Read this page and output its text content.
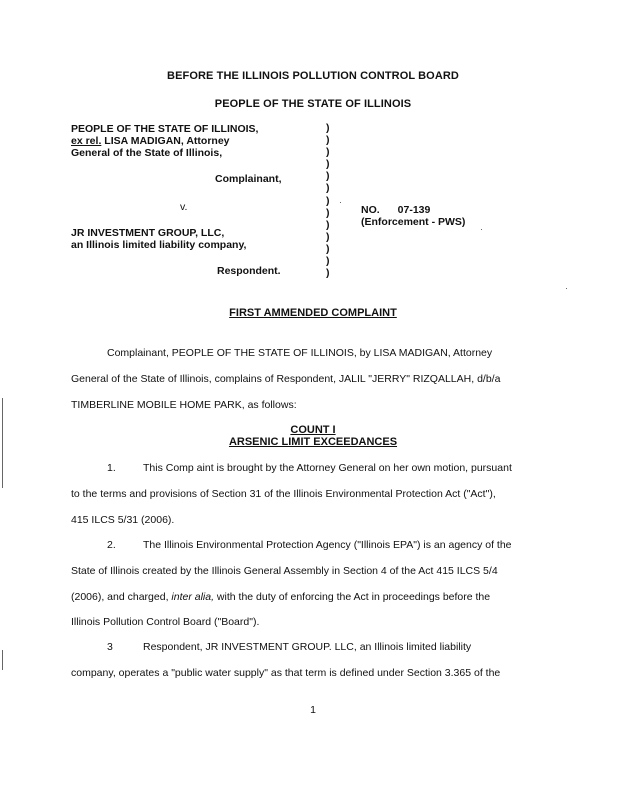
BEFORE THE ILLINOIS POLLUTION CONTROL BOARD
PEOPLE OF THE STATE OF ILLINOIS
PEOPLE OF THE STATE OF ILLINOIS,
ex rel. LISA MADIGAN, Attorney
General of the State of Illinois,
Complainant,
v.
JR INVESTMENT GROUP, LLC,
an Illinois limited liability company,
Respondent.
)
)
)
)
)
)
)
)
)
)
)
)
)
NO. 07-139
(Enforcement - PWS)
FIRST AMMENDED COMPLAINT
Complainant, PEOPLE OF THE STATE OF ILLINOIS, by LISA MADIGAN, Attorney
General of the State of Illinois, complains of Respondent, JALIL "JERRY" RIZQALLAH, d/b/a
TIMBERLINE MOBILE HOME PARK, as follows:
COUNT I
ARSENIC LIMIT EXCEEDANCES
1.	This Comp aint is brought by the Attorney General on her own motion, pursuant
to the terms and provisions of Section 31 of the Illinois Environmental Protection Act ("Act"),
415 ILCS 5/31 (2006).
2.	The Illinois Environmental Protection Agency ("Illinois EPA") is an agency of the
State of Illinois created by the Illinois General Assembly in Section 4 of the Act 415 ILCS 5/4
(2006), and charged, inter alia, with the duty of enforcing the Act in proceedings before the
Illinois Pollution Control Board ("Board").
3	Respondent, JR INVESTMENT GROUP. LLC, an Illinois limited liability
company, operates a "public water supply" as that term is defined under Section 3.365 of the
1
